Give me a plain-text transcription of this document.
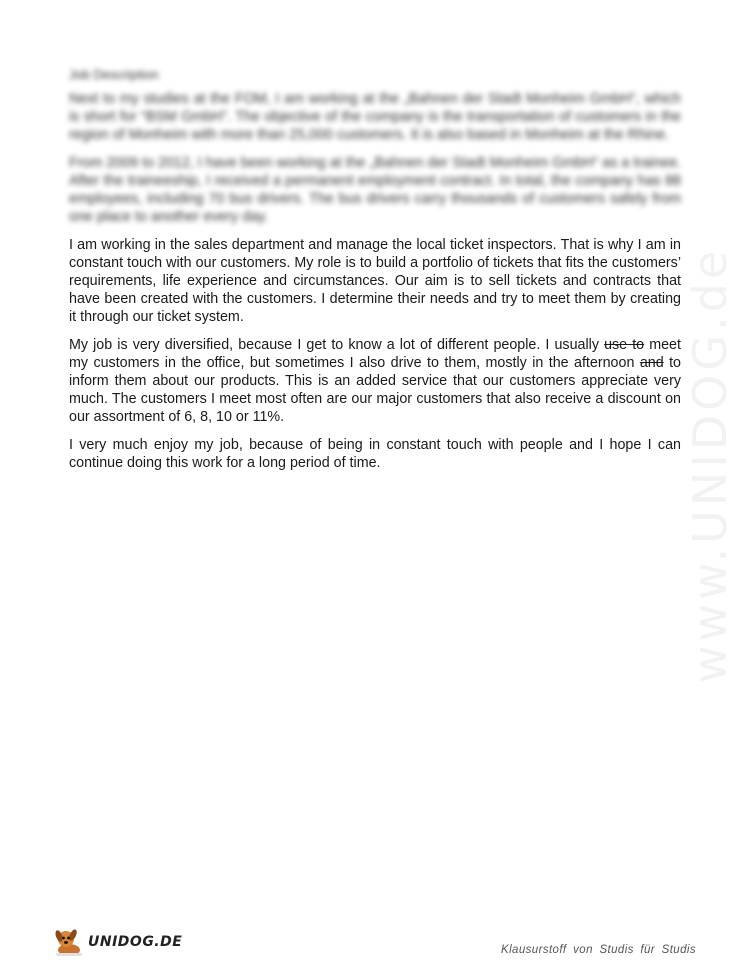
www.UNIDOG.de
Job Description

Next to my studies at the FOM, I am working at the „Bahnen der Stadt Monheim GmbH“, which is short for “BSM GmbH”. The objective of the company is the transportation of customers in the region of Monheim with more than 25,000 customers. It is also based in Monheim at the Rhine.

From 2009 to 2012, I have been working at the „Bahnen der Stadt Monheim GmbH“ as a trainee. After the traineeship, I received a permanent employment contract. In total, the company has 88 employees, including 70 bus drivers. The bus drivers carry thousands of customers safely from one place to another every day.

I am working in the sales department and manage the local ticket inspectors. That is why I am in constant touch with our customers. My role is to build a portfolio of tickets that fits the customers’ requirements, life experience and circumstances. Our aim is to sell tickets and contracts that have been created with the customers. I determine their needs and try to meet them by creating it through our ticket system.

My job is very diversified, because I get to know a lot of different people. I usually use to meet my customers in the office, but sometimes I also drive to them, mostly in the afternoon and to inform them about our products. This is an added service that our customers appreciate very much. The customers I meet most often are our major customers that also receive a discount on our assortment of 6, 8, 10 or 11%.

I very much enjoy my job, because of being in constant touch with people and I hope I can continue doing this work for a long period of time.

UNIDOG.DE	Klausurstoff von Studis für Studis
